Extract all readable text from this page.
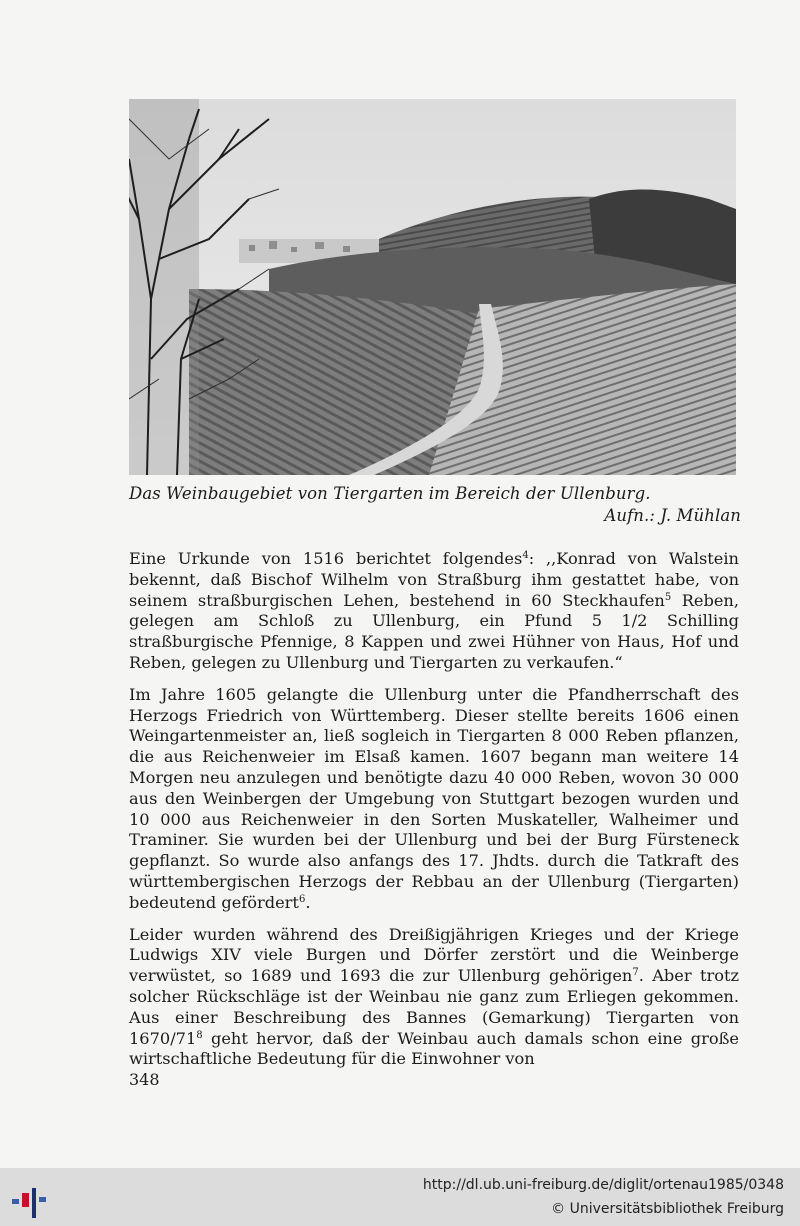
Das Weinbaugebiet von Tiergarten im Bereich der Ullenburg.
Aufn.: J. Mühlan

Eine Urkunde von 1516 berichtet folgendes$^4$: ,,Konrad von Walstein bekennt, daß Bischof Wilhelm von Straßburg ihm gestattet habe, von seinem straßburgischen Lehen, bestehend in 60 Steckhaufen$^5$ Reben, gelegen am Schloß zu Ullenburg, ein Pfund 5 1/2 Schilling straßburgische Pfennige, 8 Kappen und zwei Hühner von Haus, Hof und Reben, gelegen zu Ullenburg und Tiergarten zu verkaufen.“

Im Jahre 1605 gelangte die Ullenburg unter die Pfandherrschaft des Herzogs Friedrich von Württemberg. Dieser stellte bereits 1606 einen Weingartenmeister an, ließ sogleich in Tiergarten 8 000 Reben pflanzen, die aus Reichenweier im Elsaß kamen. 1607 begann man weitere 14 Morgen neu anzulegen und benötigte dazu 40 000 Reben, wovon 30 000 aus den Weinbergen der Umgebung von Stuttgart bezogen wurden und 10 000 aus Reichenweier in den Sorten Muskateller, Walheimer und Traminer. Sie wurden bei der Ullenburg und bei der Burg Fürsteneck gepflanzt. So wurde also anfangs des 17. Jhdts. durch die Tatkraft des württembergischen Herzogs der Rebbau an der Ullenburg (Tiergarten) bedeutend gefördert$^6$.

Leider wurden während des Dreißigjährigen Krieges und der Kriege Ludwigs XIV viele Burgen und Dörfer zerstört und die Weinberge verwüstet, so 1689 und 1693 die zur Ullenburg gehörigen$^7$. Aber trotz solcher Rückschläge ist der Weinbau nie ganz zum Erliegen gekommen. Aus einer Beschreibung des Bannes (Gemarkung) Tiergarten von $1670/71^8$ geht hervor, daß der Weinbau auch damals schon eine große wirtschaftliche Bedeutung für die Einwohner von

348
http://dl.ub.uni-freiburg.de/diglit/ortenau1985/0348
© Universitätsbibliothek Freiburg
